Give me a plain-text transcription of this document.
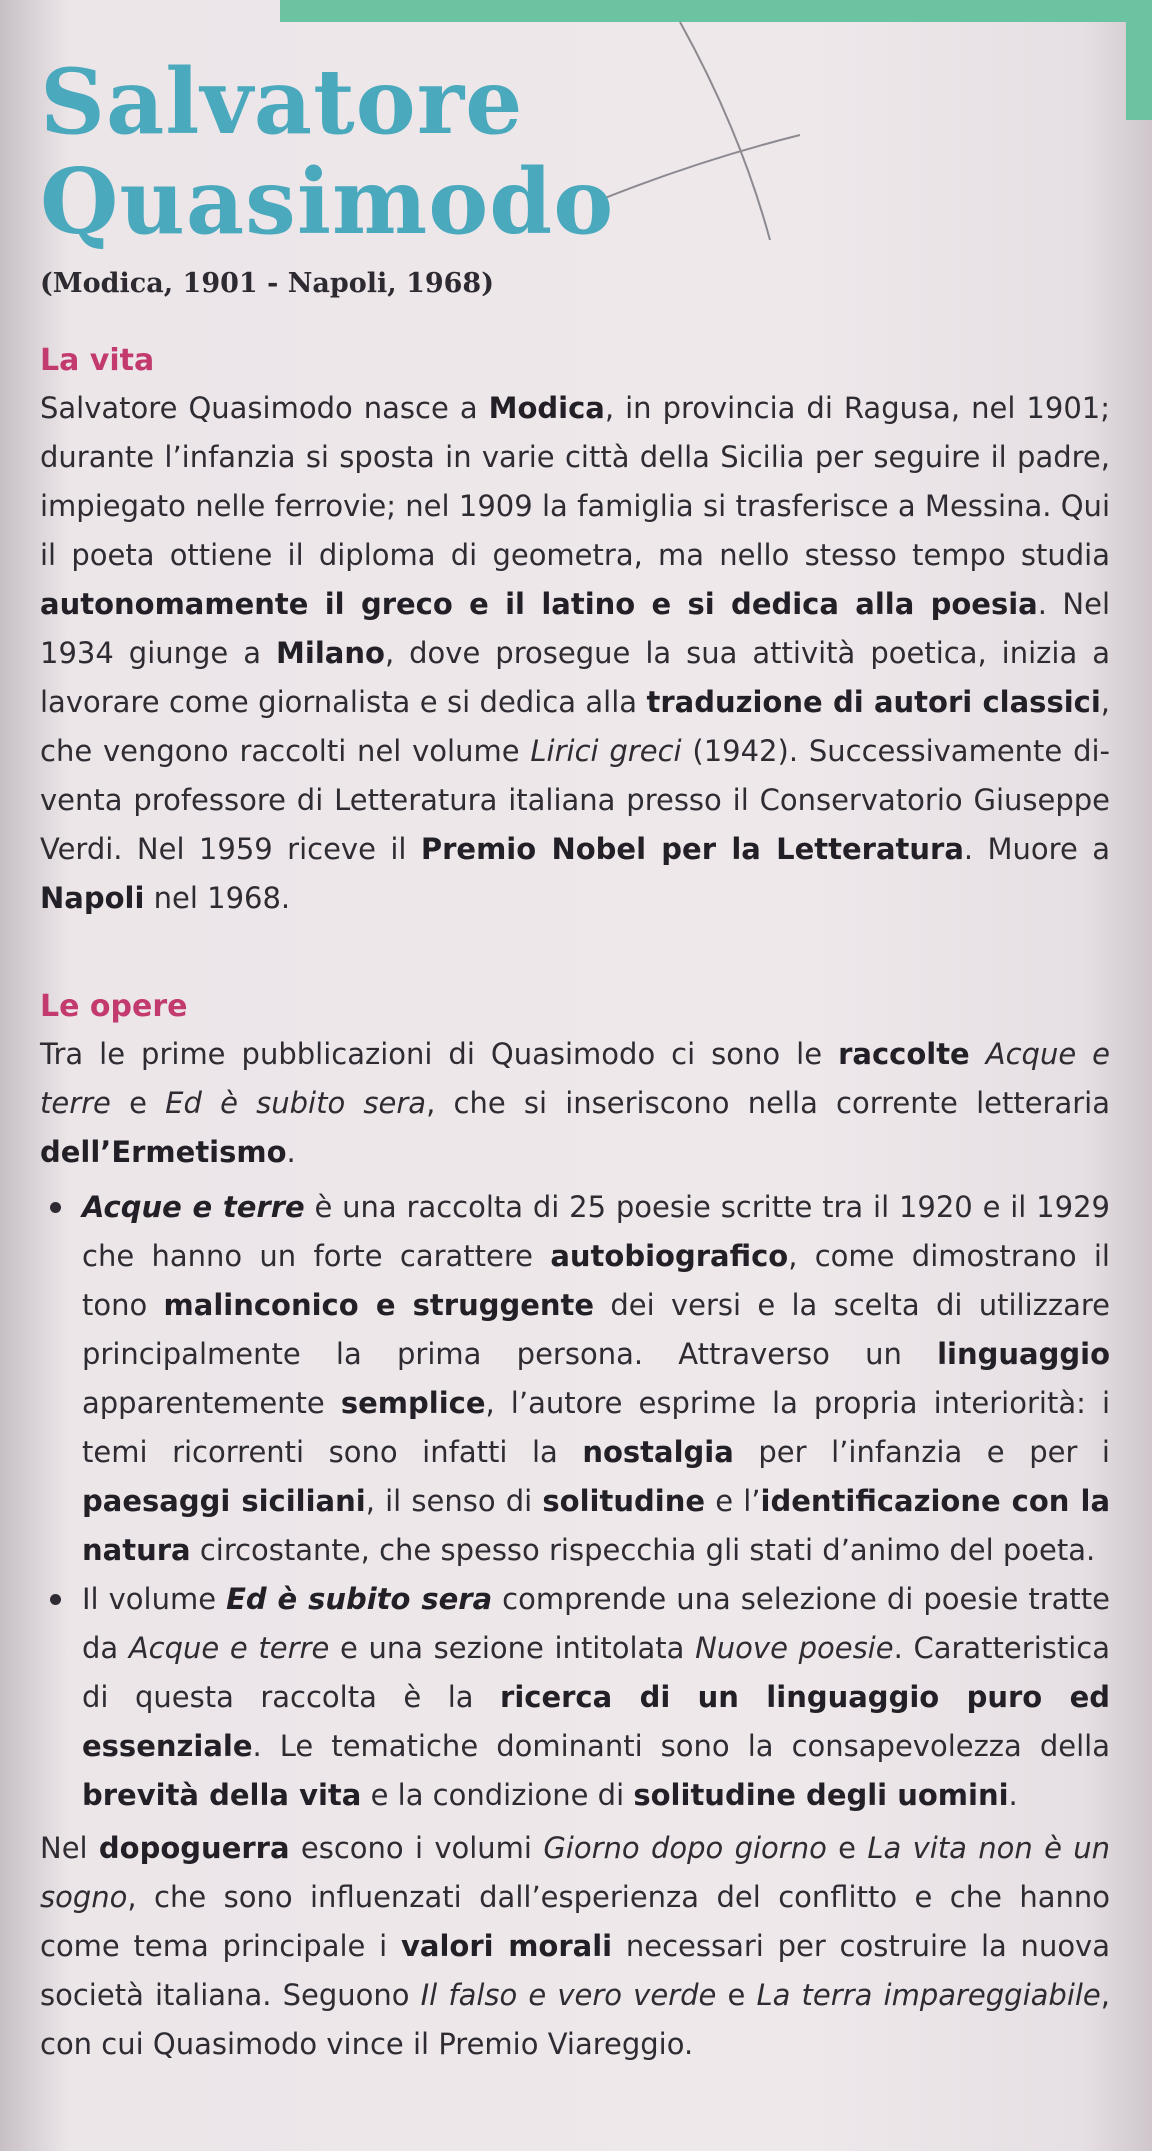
Salvatore
Quasimodo
(Modica, 1901 - Napoli, 1968)
La vita

Salvatore Quasimodo nasce a Modica, in provincia di Ragusa, nel 1901; durante l’infanzia si sposta in varie città della Sicilia per seguire il padre, impiegato nelle ferrovie; nel 1909 la famiglia si trasferisce a Messina. Qui il poeta ottiene il diploma di geometra, ma nello stesso tempo studia autonomamente il greco e il latino e si dedica alla poesia. Nel 1934 giunge a Milano, dove prosegue la sua attività poetica, inizia a lavorare come giornalista e si dedica alla traduzione di autori classici, che vengono raccolti nel volume Lirici greci (1942). Successivamente diventa professore di Letteratura italiana presso il Conservatorio Giuseppe Verdi. Nel 1959 riceve il Premio Nobel per la Letteratura. Muore a Napoli nel 1968.

Le opere

Tra le prime pubblicazioni di Quasimodo ci sono le raccolte Acque e terre e Ed è subito sera, che si inseriscono nella corrente letteraria dell’Ermetismo.

Acque e terre è una raccolta di 25 poesie scritte tra il 1920 e il 1929 che hanno un forte carattere autobiografico, come dimostrano il tono malinconico e struggente dei versi e la scelta di utilizzare principalmente la prima persona. Attraverso un linguaggio apparentemente semplice, l’autore esprime la propria interiorità: i temi ricorrenti sono infatti la nostalgia per l’infanzia e per i paesaggi siciliani, il senso di solitudine e l’identificazione con la natura circostante, che spesso rispecchia gli stati d’animo del poeta.
Il volume Ed è subito sera comprende una selezione di poesie tratte da Acque e terre e una sezione intitolata Nuove poesie. Caratteristica di questa raccolta è la ricerca di un linguaggio puro ed essenziale. Le tematiche dominanti sono la consapevolezza della brevità della vita e la condizione di solitudine degli uomini.

Nel dopoguerra escono i volumi Giorno dopo giorno e La vita non è un sogno, che sono influenzati dall’esperienza del conflitto e che hanno come tema principale i valori morali necessari per costruire la nuova società italiana. Seguono Il falso e vero verde e La terra impareggiabile, con cui Quasimodo vince il Premio Viareggio.
